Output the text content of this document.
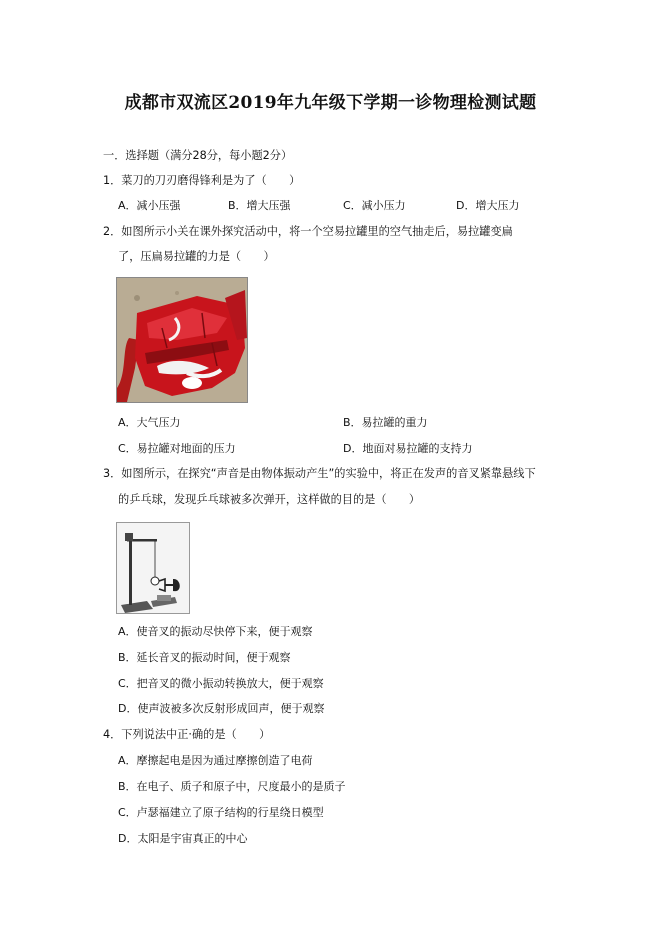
成都市双流区2019年九年级下学期一诊物理检测试题
一．选择题（满分28分，每小题2分）
1．菜刀的刀刃磨得锋利是为了（　　）
A．减小压强	B．增大压强	C．减小压力	D．增大压力
2．如图所示小关在课外探究活动中，将一个空易拉罐里的空气抽走后，易拉罐变扁
了，压扁易拉罐的力是（　　）
A．大气压力	B．易拉罐的重力
C．易拉罐对地面的压力	D．地面对易拉罐的支持力
3．如图所示，在探究“声音是由物体振动产生”的实验中，将正在发声的音叉紧靠悬线下
的乒乓球，发现乒乓球被多次弹开，这样做的目的是（　　）
A．使音叉的振动尽快停下来，便于观察
B．延长音叉的振动时间，便于观察
C．把音叉的微小振动转换放大，便于观察
D．使声波被多次反射形成回声，便于观察
4．下列说法中正·确的是（　　）
A．摩擦起电是因为通过摩擦创造了电荷
B．在电子、质子和原子中，尺度最小的是质子
C．卢瑟福建立了原子结构的行星绕日模型
D．太阳是宇宙真正的中心
